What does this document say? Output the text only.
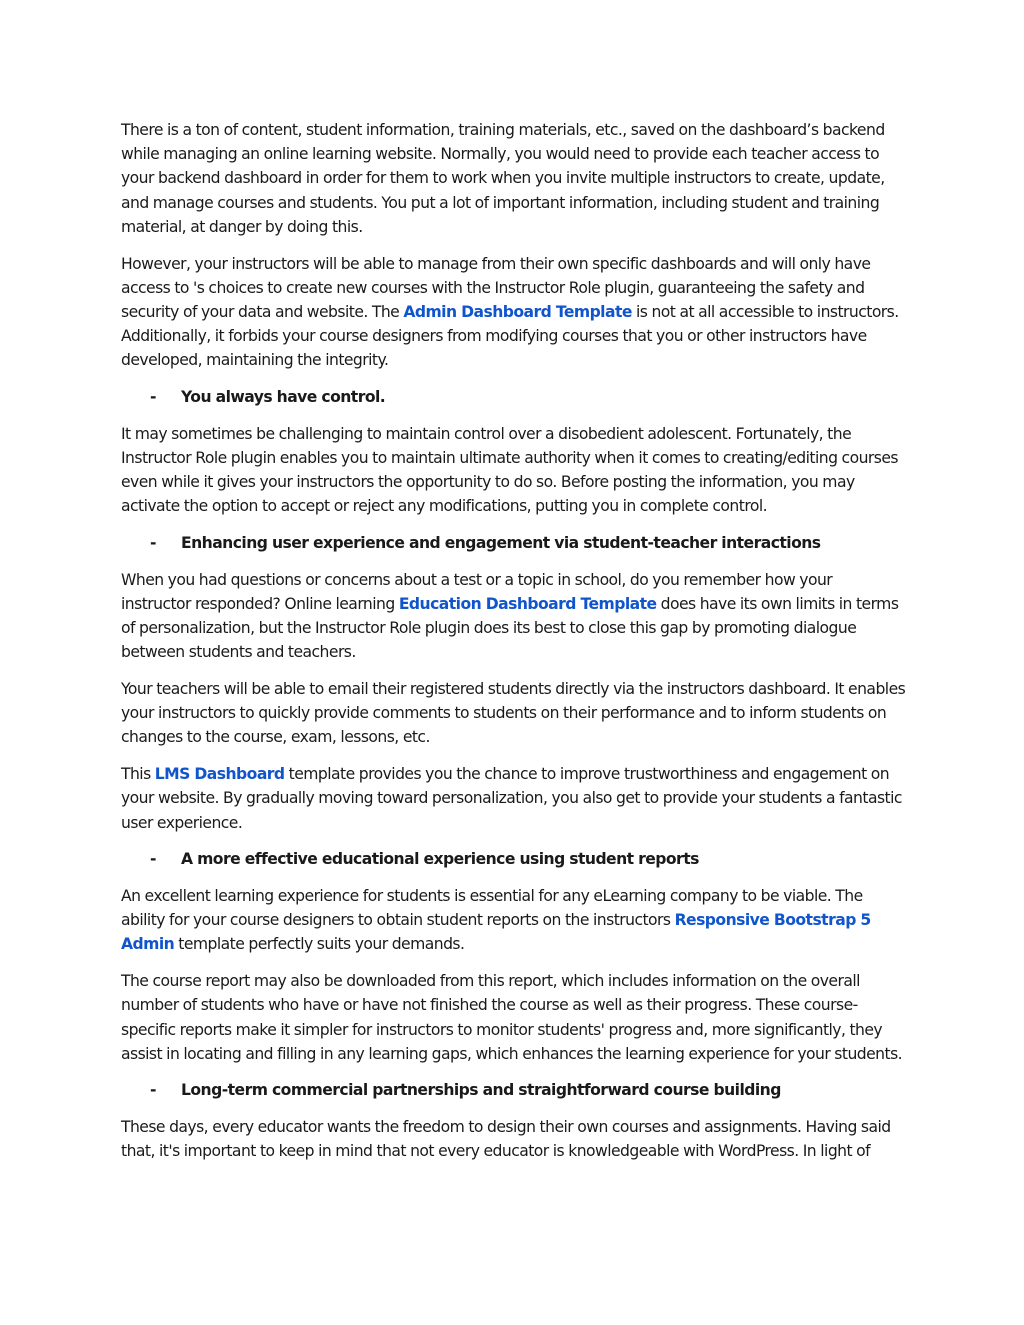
There is a ton of content, student information, training materials, etc., saved on the dashboard’s backend while managing an online learning website. Normally, you would need to provide each teacher access to your backend dashboard in order for them to work when you invite multiple instructors to create, update, and manage courses and students. You put a lot of important information, including student and training material, at danger by doing this.

However, your instructors will be able to manage from their own specific dashboards and will only have access to 's choices to create new courses with the Instructor Role plugin, guaranteeing the safety and security of your data and website. The Admin Dashboard Template is not at all accessible to instructors. Additionally, it forbids your course designers from modifying courses that you or other instructors have developed, maintaining the integrity.

-	You always have control.

It may sometimes be challenging to maintain control over a disobedient adolescent. Fortunately, the Instructor Role plugin enables you to maintain ultimate authority when it comes to creating/editing courses even while it gives your instructors the opportunity to do so. Before posting the information, you may activate the option to accept or reject any modifications, putting you in complete control.

-	Enhancing user experience and engagement via student-teacher interactions

When you had questions or concerns about a test or a topic in school, do you remember how your instructor responded? Online learning Education Dashboard Template does have its own limits in terms of personalization, but the Instructor Role plugin does its best to close this gap by promoting dialogue between students and teachers.

Your teachers will be able to email their registered students directly via the instructors dashboard. It enables your instructors to quickly provide comments to students on their performance and to inform students on changes to the course, exam, lessons, etc.

This LMS Dashboard template provides you the chance to improve trustworthiness and engagement on your website. By gradually moving toward personalization, you also get to provide your students a fantastic user experience.

-	A more effective educational experience using student reports

An excellent learning experience for students is essential for any eLearning company to be viable. The ability for your course designers to obtain student reports on the instructors Responsive Bootstrap 5 Admin template perfectly suits your demands.

The course report may also be downloaded from this report, which includes information on the overall number of students who have or have not finished the course as well as their progress. These course-specific reports make it simpler for instructors to monitor students' progress and, more significantly, they assist in locating and filling in any learning gaps, which enhances the learning experience for your students.

-	Long-term commercial partnerships and straightforward course building

These days, every educator wants the freedom to design their own courses and assignments. Having said that, it's important to keep in mind that not every educator is knowledgeable with WordPress. In light of
